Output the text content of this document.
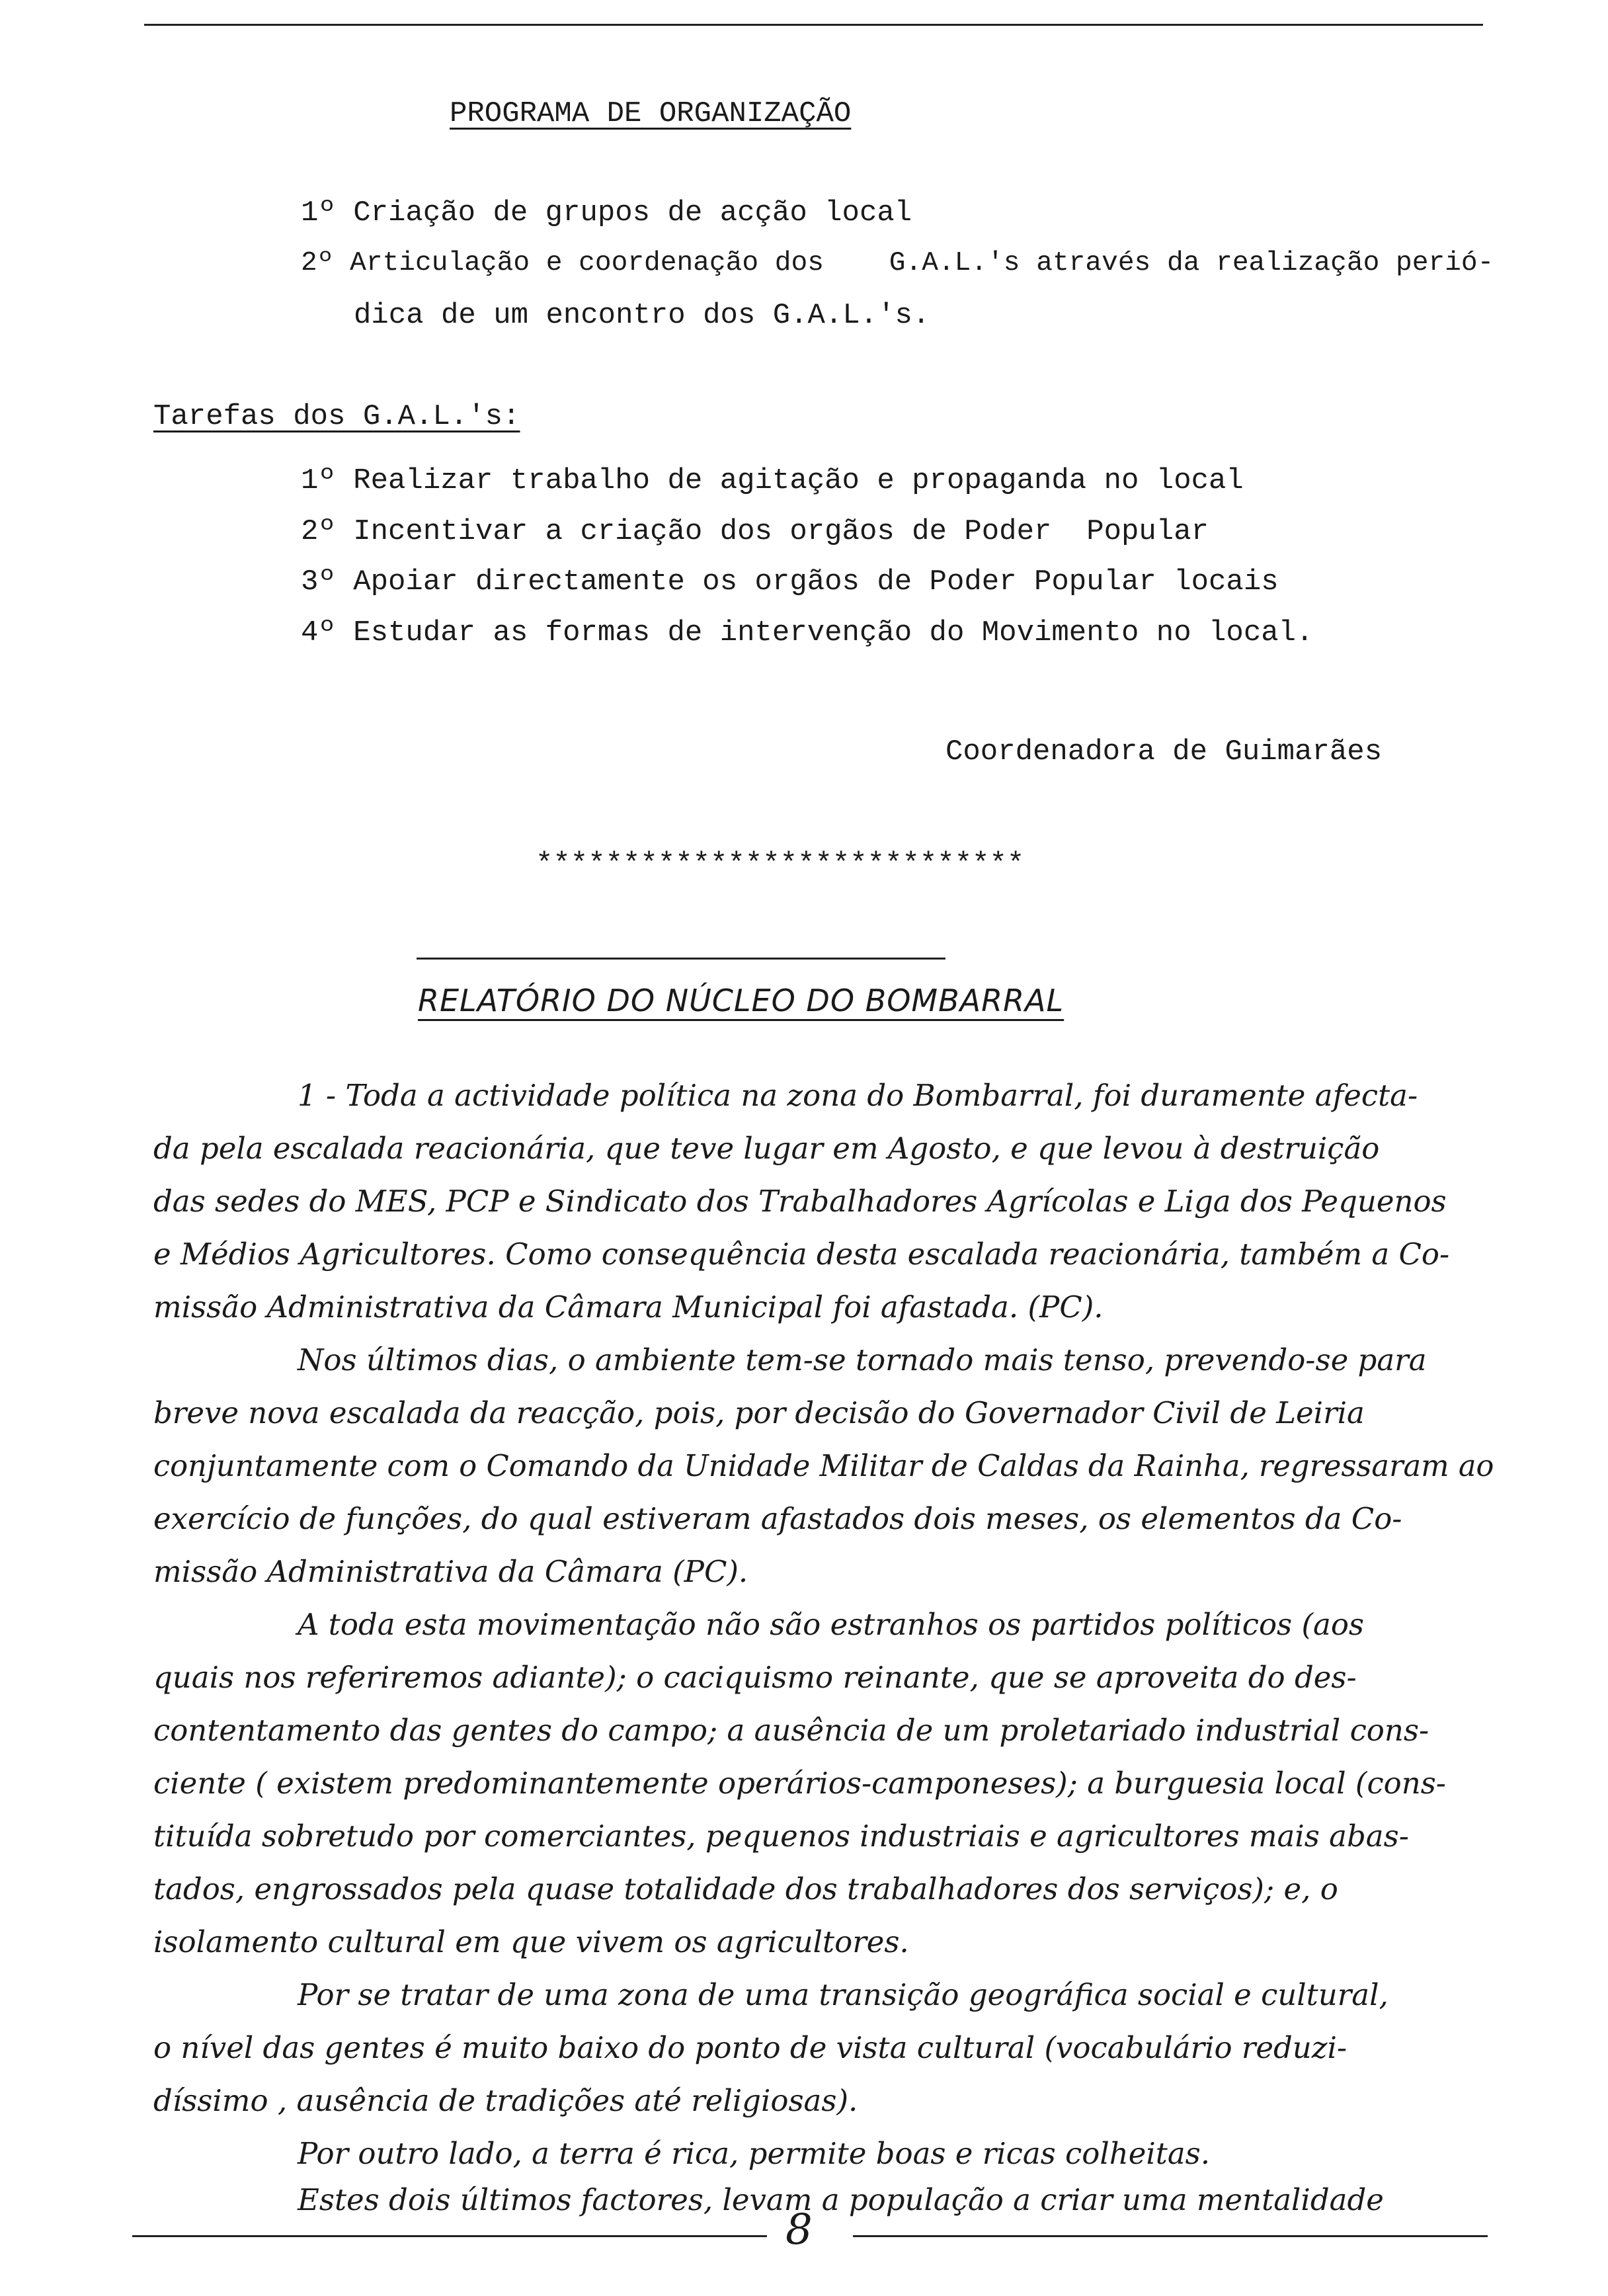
PROGRAMA DE ORGANIZAÇÃO
1º Criação de grupos de acção local
2º Articulação e coordenação dos    G.A.L.'s através da realização perió-
dica de um encontro dos G.A.L.'s.
Tarefas dos G.A.L.'s:
1º Realizar trabalho de agitação e propaganda no local
2º Incentivar a criação dos orgãos de Poder  Popular
3º Apoiar directamente os orgãos de Poder Popular locais
4º Estudar as formas de intervenção do Movimento no local.
Coordenadora de Guimarães
****************************
RELATÓRIO DO NÚCLEO DO BOMBARRAL
1 - Toda a actividade política na zona do Bombarral, foi duramente afecta-
da pela escalada reacionária, que teve lugar em Agosto, e que levou à destruição
das sedes do MES, PCP e Sindicato dos Trabalhadores Agrícolas e Liga dos Pequenos
e Médios Agricultores. Como consequência desta escalada reacionária, também a Co-
missão Administrativa da Câmara Municipal foi afastada. (PC).
Nos últimos dias, o ambiente tem-se tornado mais tenso, prevendo-se para
breve nova escalada da reacção, pois, por decisão do Governador Civil de Leiria
conjuntamente com o Comando da Unidade Militar de Caldas da Rainha, regressaram ao
exercício de funções, do qual estiveram afastados dois meses, os elementos da Co-
missão Administrativa da Câmara (PC).
A toda esta movimentação não são estranhos os partidos políticos (aos
quais nos referiremos adiante); o caciquismo reinante, que se aproveita do des-
contentamento das gentes do campo; a ausência de um proletariado industrial cons-
ciente ( existem predominantemente operários-camponeses); a burguesia local (cons-
tituída sobretudo por comerciantes, pequenos industriais e agricultores mais abas-
tados, engrossados pela quase totalidade dos trabalhadores dos serviços); e, o
isolamento cultural em que vivem os agricultores.
Por se tratar de uma zona de uma transição geográfica social e cultural,
o nível das gentes é muito baixo do ponto de vista cultural (vocabulário reduzi-
díssimo , ausência de tradições até religiosas).
Por outro lado, a terra é rica, permite boas e ricas colheitas.
Estes dois últimos factores, levam a população a criar uma mentalidade
8
